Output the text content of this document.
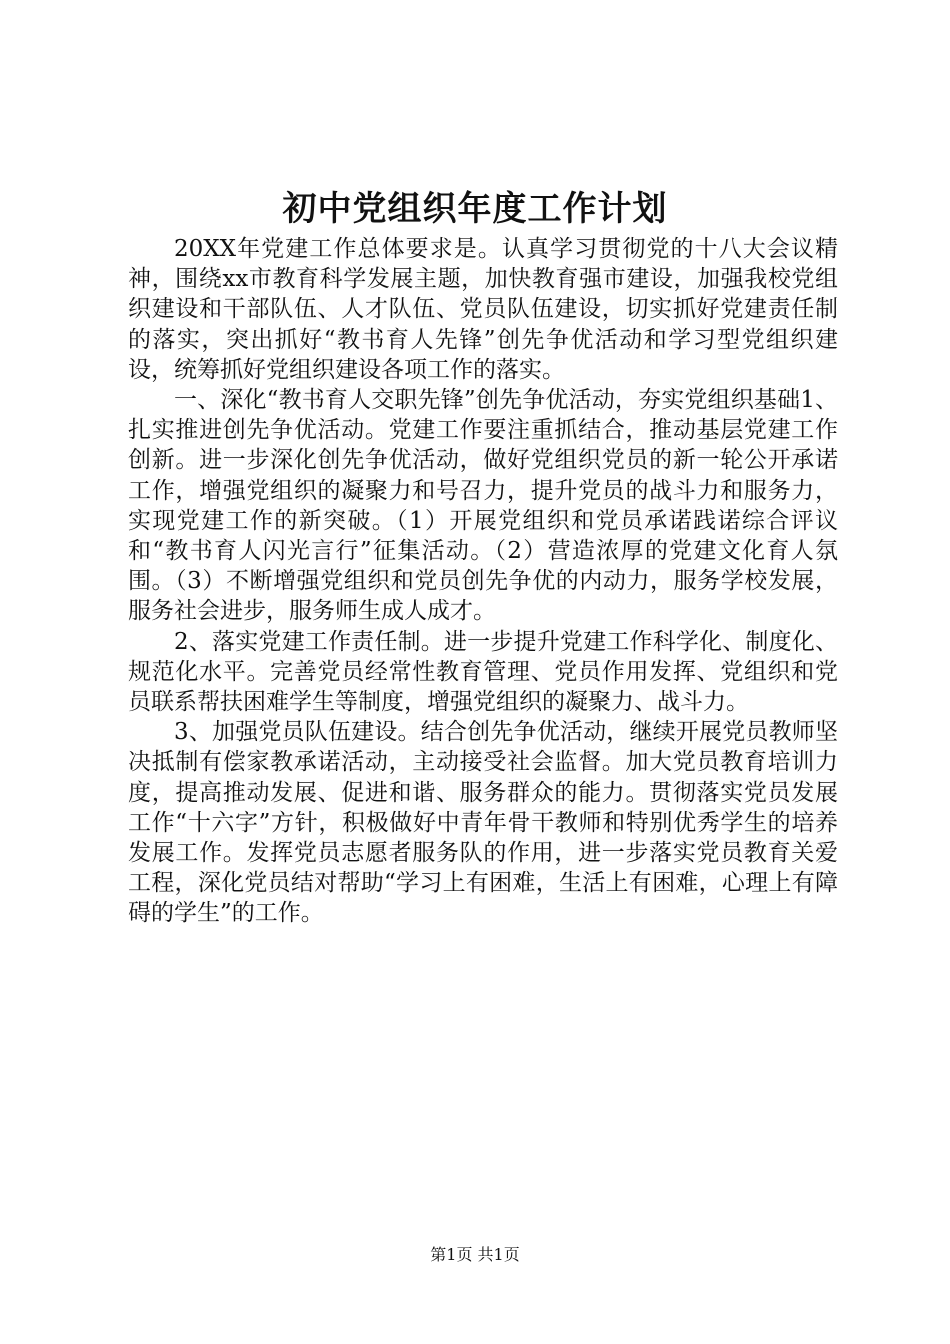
初中党组织年度工作计划

20XX年党建工作总体要求是。认真学习贯彻党的十八大会议精神，围绕xx市教育科学发展主题，加快教育强市建设，加强我校党组织建设和干部队伍、人才队伍、党员队伍建设，切实抓好党建责任制的落实，突出抓好“教书育人先锋”创先争优活动和学习型党组织建设，统筹抓好党组织建设各项工作的落实。

一、深化“教书育人交职先锋”创先争优活动，夯实党组织基础1、扎实推进创先争优活动。党建工作要注重抓结合，推动基层党建工作创新。进一步深化创先争优活动，做好党组织党员的新一轮公开承诺工作，增强党组织的凝聚力和号召力，提升党员的战斗力和服务力，实现党建工作的新突破。（1）开展党组织和党员承诺践诺综合评议和“教书育人闪光言行”征集活动。（2）营造浓厚的党建文化育人氛围。（3）不断增强党组织和党员创先争优的内动力，服务学校发展，服务社会进步，服务师生成人成才。

2、落实党建工作责任制。进一步提升党建工作科学化、制度化、规范化水平。完善党员经常性教育管理、党员作用发挥、党组织和党员联系帮扶困难学生等制度，增强党组织的凝聚力、战斗力。

3、加强党员队伍建设。结合创先争优活动，继续开展党员教师坚决抵制有偿家教承诺活动，主动接受社会监督。加大党员教育培训力度，提高推动发展、促进和谐、服务群众的能力。贯彻落实党员发展工作“十六字”方针，积极做好中青年骨干教师和特别优秀学生的培养发展工作。发挥党员志愿者服务队的作用，进一步落实党员教育关爱工程，深化党员结对帮助“学习上有困难，生活上有困难，心理上有障碍的学生”的工作。

第1页 共1页
